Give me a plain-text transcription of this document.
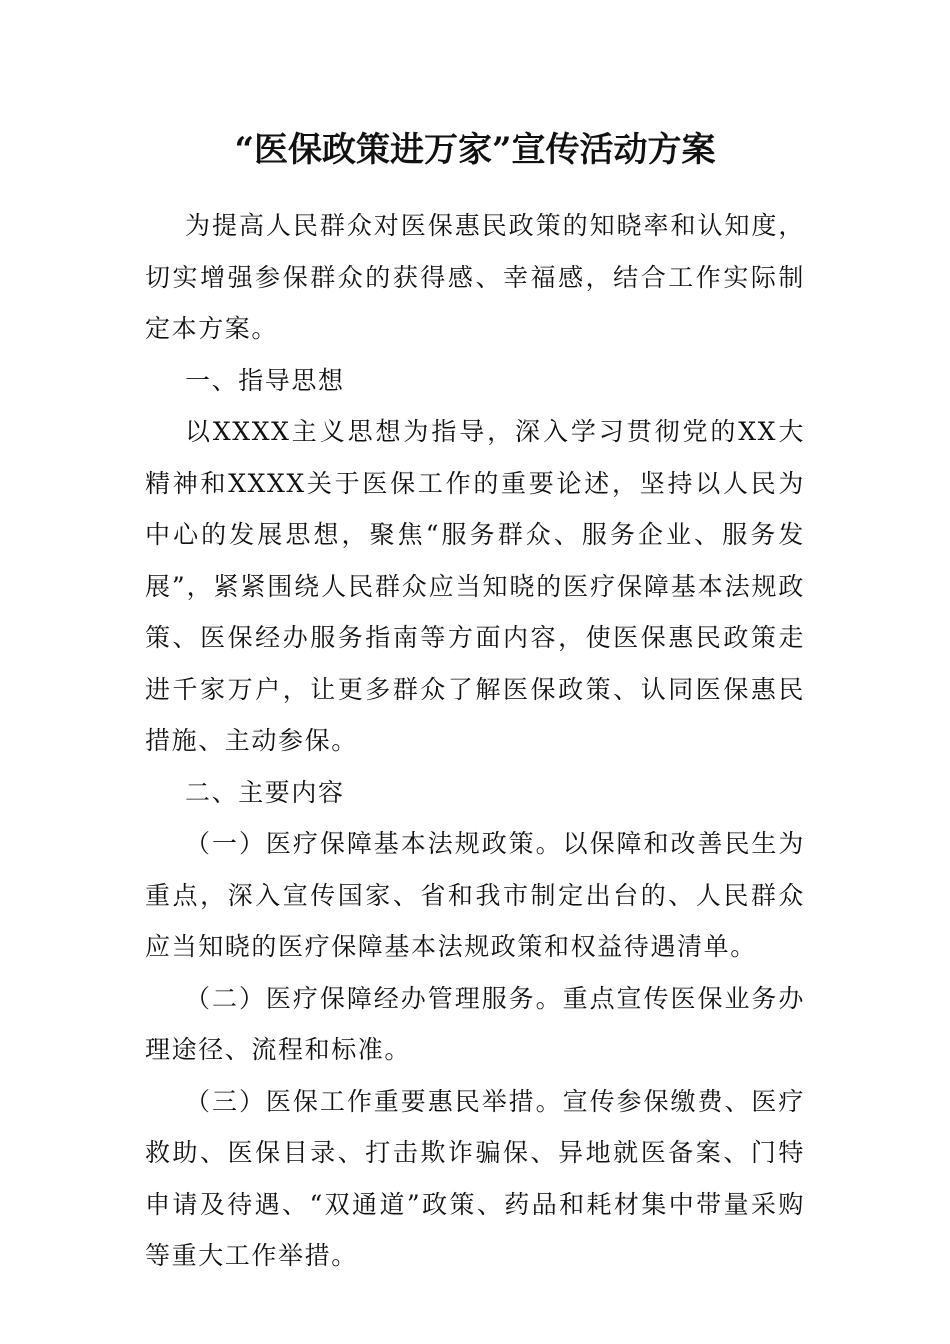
“医保政策进万家”宣传活动方案

为提高人民群众对医保惠民政策的知晓率和认知度，切实增强参保群众的获得感、幸福感，结合工作实际制定本方案。

一、指导思想

以XXXX主义思想为指导，深入学习贯彻党的XX大精神和XXXX关于医保工作的重要论述，坚持以人民为中心的发展思想，聚焦“服务群众、服务企业、服务发展”，紧紧围绕人民群众应当知晓的医疗保障基本法规政策、医保经办服务指南等方面内容，使医保惠民政策走进千家万户，让更多群众了解医保政策、认同医保惠民措施、主动参保。

二、主要内容

（一）医疗保障基本法规政策。以保障和改善民生为重点，深入宣传国家、省和我市制定出台的、人民群众应当知晓的医疗保障基本法规政策和权益待遇清单。

（二）医疗保障经办管理服务。重点宣传医保业务办理途径、流程和标准。

（三）医保工作重要惠民举措。宣传参保缴费、医疗救助、医保目录、打击欺诈骗保、异地就医备案、门特申请及待遇、“双通道”政策、药品和耗材集中带量采购等重大工作举措。
